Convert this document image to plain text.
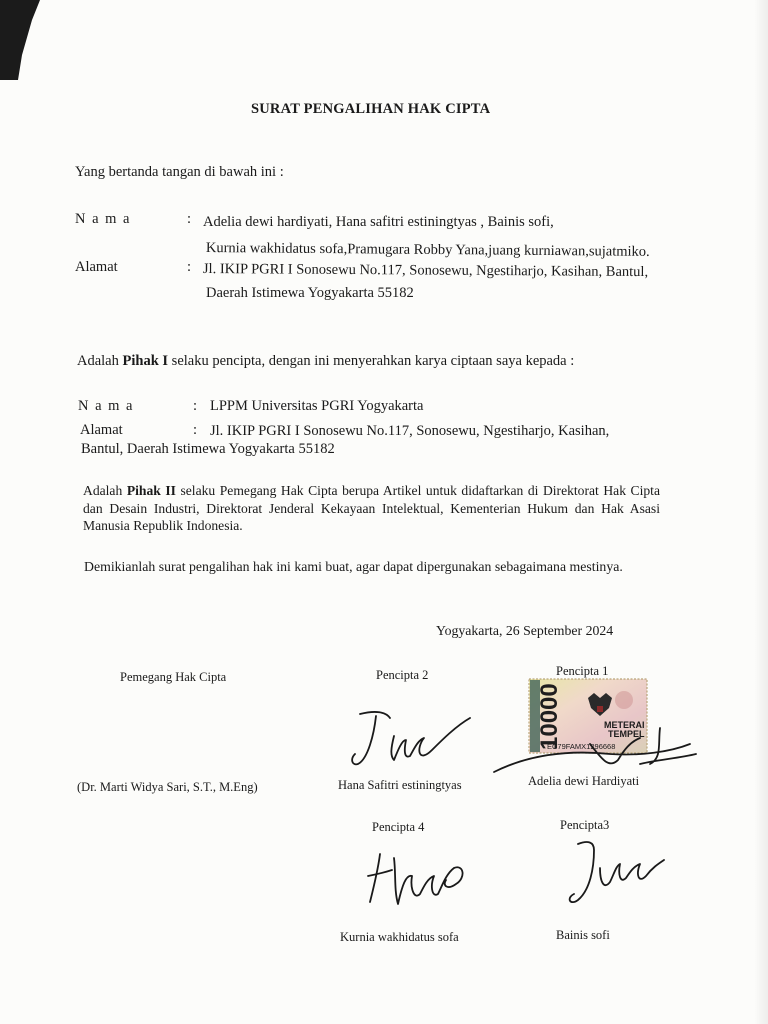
SURAT PENGALIHAN HAK CIPTA
Yang bertanda tangan di bawah ini :
N a m a	: Adelia dewi hardiyati, Hana safitri estiningtyas , Bainis sofi,
Kurnia wakhidatus sofa,Pramugara Robby Yana,juang kurniawan,sujatmiko.
Alamat	: Jl. IKIP PGRI I Sonosewu No.117, Sonosewu, Ngestiharjo, Kasihan, Bantul,
Daerah Istimewa Yogyakarta 55182
Adalah Pihak I selaku pencipta, dengan ini menyerahkan karya ciptaan saya kepada :
N a m a	: LPPM Universitas PGRI Yogyakarta
Alamat	: Jl. IKIP PGRI I Sonosewu No.117, Sonosewu, Ngestiharjo, Kasihan,
Bantul, Daerah Istimewa Yogyakarta 55182
Adalah Pihak II selaku Pemegang Hak Cipta berupa Artikel untuk didaftarkan di Direktorat Hak Cipta dan Desain Industri, Direktorat Jenderal Kekayaan Intelektual, Kementerian Hukum dan Hak Asasi Manusia Republik Indonesia.
Demikianlah surat pengalihan hak ini kami buat, agar dapat dipergunakan sebagaimana mestinya.
Yogyakarta, 26 September 2024
Pemegang Hak Cipta	Pencipta 2	Pencipta 1
10000	METERAI
TEMPEL
EC79FAMX1296668
(Dr. Marti Widya Sari, S.T., M.Eng)	Hana Safitri estiningtyas	Adelia dewi Hardiyati
Pencipta 4	Pencipta3
Kurnia wakhidatus sofa	Bainis sofi
